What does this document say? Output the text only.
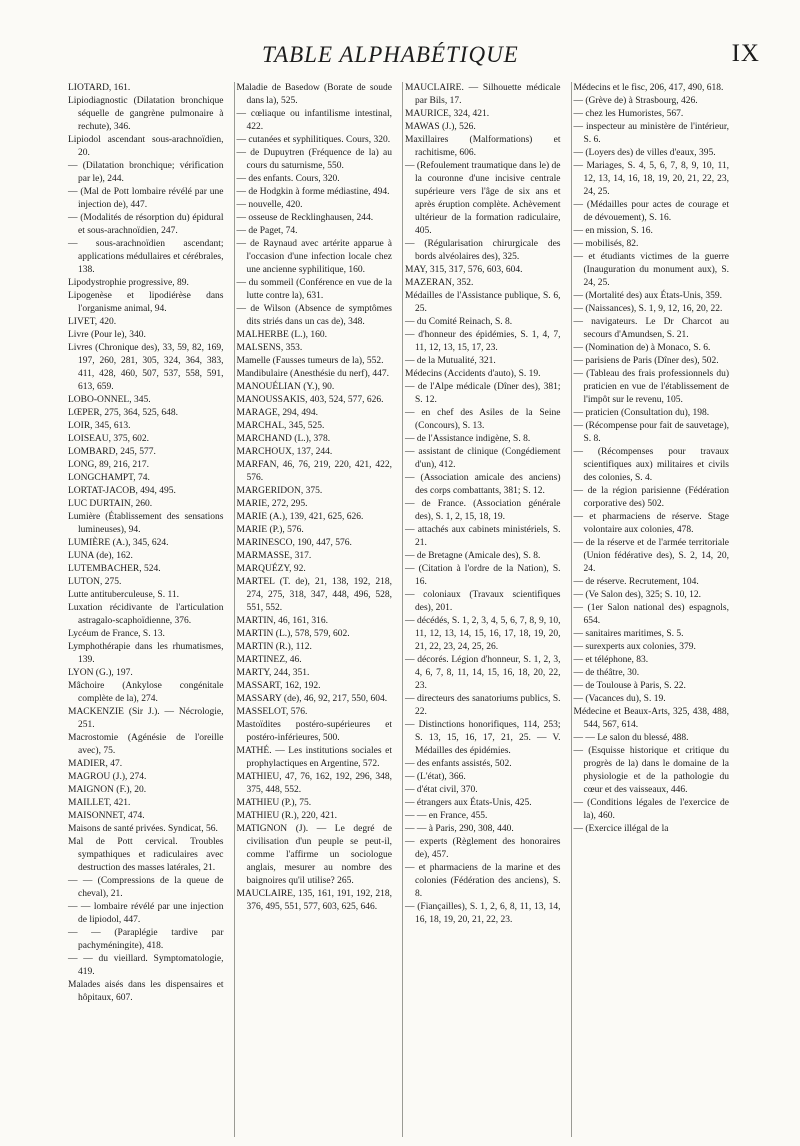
TABLE ALPHABÉTIQUE	IX
LIOTARD, 161.
Lipiodiagnostic (Dilatation bronchique séquelle de gangrène pulmonaire à rechute), 346.
Lipiodol ascendant sous-arachnoïdien, 20.
— (Dilatation bronchique; vérification par le), 244.
— (Mal de Pott lombaire révélé par une injection de), 447.
— (Modalités de résorption du) épidural et sous-arachnoïdien, 247.
— sous-arachnoïdien ascendant; applications médullaires et cérébrales, 138.
Lipodystrophie progressive, 89.
Lipogenèse et lipodiérèse dans l'organisme animal, 94.
LIVET, 420.
Livre (Pour le), 340.
Livres (Chronique des), 33, 59, 82, 169, 197, 260, 281, 305, 324, 364, 383, 411, 428, 460, 507, 537, 558, 591, 613, 659.
LOBO-ONNEL, 345.
LŒPER, 275, 364, 525, 648.
LOIR, 345, 613.
LOISEAU, 375, 602.
LOMBARD, 245, 577.
LONG, 89, 216, 217.
LONGCHAMPT, 74.
LORTAT-JACOB, 494, 495.
LUC DURTAIN, 260.
Lumière (Établissement des sensations lumineuses), 94.
LUMIÈRE (A.), 345, 624.
LUNA (de), 162.
LUTEMBACHER, 524.
LUTON, 275.
Lutte antituberculeuse, S. 11.
Luxation récidivante de l'articulation astragalo-scaphoïdienne, 376.
Lycéum de France, S. 13.
Lymphothérapie dans les rhumatismes, 139.
LYON (G.), 197.
Mâchoire (Ankylose congénitale complète de la), 274.
MACKENZIE (Sir J.). — Nécrologie, 251.
Macrostomie (Agénésie de l'oreille avec), 75.
MADIER, 47.
MAGROU (J.), 274.
MAIGNON (F.), 20.
MAILLET, 421.
MAISONNET, 474.
Maisons de santé privées. Syndicat, 56.
Mal de Pott cervical. Troubles sympathiques et radiculaires avec destruction des masses latérales, 21.
— — (Compressions de la queue de cheval), 21.
— — lombaire révélé par une injection de lipiodol, 447.
— — (Paraplégie tardive par pachyméningite), 418.
— — du vieillard. Symptomatologie, 419.
Malades aisés dans les dispensaires et hôpitaux, 607.
Maladie de Basedow (Borate de soude dans la), 525.
— cœliaque ou infantilisme intestinal, 422.
— cutanées et syphilitiques. Cours, 320.
— de Dupuytren (Fréquence de la) au cours du saturnisme, 550.
— des enfants. Cours, 320.
— de Hodgkin à forme médiastine, 494.
— nouvelle, 420.
— osseuse de Recklinghausen, 244.
— de Paget, 74.
— de Raynaud avec artérite apparue à l'occasion d'une infection locale chez une ancienne syphilitique, 160.
— du sommeil (Conférence en vue de la lutte contre la), 631.
— de Wilson (Absence de symptômes dits striés dans un cas de), 348.
MALHERBE (L.), 160.
MALSENS, 353.
Mamelle (Fausses tumeurs de la), 552.
Mandibulaire (Anesthésie du nerf), 447.
MANOUÉLIAN (Y.), 90.
MANOUSSAKIS, 403, 524, 577, 626.
MARAGE, 294, 494.
MARCHAL, 345, 525.
MARCHAND (L.), 378.
MARCHOUX, 137, 244.
MARFAN, 46, 76, 219, 220, 421, 422, 576.
MARGERIDON, 375.
MARIE, 272, 295.
MARIE (A.), 139, 421, 625, 626.
MARIE (P.), 576.
MARINESCO, 190, 447, 576.
MARMASSE, 317.
MARQUÉZY, 92.
MARTEL (T. de), 21, 138, 192, 218, 274, 275, 318, 347, 448, 496, 528, 551, 552.
MARTIN, 46, 161, 316.
MARTIN (L.), 578, 579, 602.
MARTIN (R.), 112.
MARTINEZ, 46.
MARTY, 244, 351.
MASSART, 162, 192.
MASSARY (de), 46, 92, 217, 550, 604.
MASSELOT, 576.
Mastoïdites postéro-supérieures et postéro-inférieures, 500.
MATHÉ. — Les institutions sociales et prophylactiques en Argentine, 572.
MATHIEU, 47, 76, 162, 192, 296, 348, 375, 448, 552.
MATHIEU (P.), 75.
MATHIEU (R.), 220, 421.
MATIGNON (J). — Le degré de civilisation d'un peuple se peut-il, comme l'affirme un sociologue anglais, mesurer au nombre des baignoires qu'il utilise? 265.
MAUCLAIRE, 135, 161, 191, 192, 218, 376, 495, 551, 577, 603, 625, 646.
MAUCLAIRE. — Silhouette médicale par Bils, 17.
MAURICE, 324, 421.
MAWAS (J.), 526.
Maxillaires (Malformations) et rachitisme, 606.
— (Refoulement traumatique dans le) de la couronne d'une incisive centrale supérieure vers l'âge de six ans et après éruption complète. Achèvement ultérieur de la formation radiculaire, 405.
— (Régularisation chirurgicale des bords alvéolaires des), 325.
MAY, 315, 317, 576, 603, 604.
MAZERAN, 352.
Médailles de l'Assistance publique, S. 6, 25.
— du Comité Reinach, S. 8.
— d'honneur des épidémies, S. 1, 4, 7, 11, 12, 13, 15, 17, 23.
— de la Mutualité, 321.
Médecins (Accidents d'auto), S. 19.
— de l'Alpe médicale (Dîner des), 381; S. 12.
— en chef des Asiles de la Seine (Concours), S. 13.
— de l'Assistance indigène, S. 8.
— assistant de clinique (Congédiement d'un), 412.
— (Association amicale des anciens) des corps combattants, 381; S. 12.
— de France. (Association générale des), S. 1, 2, 15, 18, 19.
— attachés aux cabinets ministériels, S. 21.
— de Bretagne (Amicale des), S. 8.
— (Citation à l'ordre de la Nation), S. 16.
— coloniaux (Travaux scientifiques des), 201.
— décédés, S. 1, 2, 3, 4, 5, 6, 7, 8, 9, 10, 11, 12, 13, 14, 15, 16, 17, 18, 19, 20, 21, 22, 23, 24, 25, 26.
— décorés. Légion d'honneur, S. 1, 2, 3, 4, 6, 7, 8, 11, 14, 15, 16, 18, 20, 22, 23.
— directeurs des sanatoriums publics, S. 22.
— Distinctions honorifiques, 114, 253; S. 13, 15, 16, 17, 21, 25. — V. Médailles des épidémies.
— des enfants assistés, 502.
— (L'état), 366.
— d'état civil, 370.
— étrangers aux États-Unis, 425.
— — en France, 455.
— — à Paris, 290, 308, 440.
— experts (Règlement des honoraires de), 457.
— et pharmaciens de la marine et des colonies (Fédération des anciens), S. 8.
— (Fiançailles), S. 1, 2, 6, 8, 11, 13, 14, 16, 18, 19, 20, 21, 22, 23.
Médecins et le fisc, 206, 417, 490, 618.
— (Grève de) à Strasbourg, 426.
— chez les Humoristes, 567.
— inspecteur au ministère de l'intérieur, S. 6.
— (Loyers des) de villes d'eaux, 395.
— Mariages, S. 4, 5, 6, 7, 8, 9, 10, 11, 12, 13, 14, 16, 18, 19, 20, 21, 22, 23, 24, 25.
— (Médailles pour actes de courage et de dévouement), S. 16.
— en mission, S. 16.
— mobilisés, 82.
— et étudiants victimes de la guerre (Inauguration du monument aux), S. 24, 25.
— (Mortalité des) aux États-Unis, 359.
— (Naissances), S. 1, 9, 12, 16, 20, 22.
— navigateurs. Le Dr Charcot au secours d'Amundsen, S. 21.
— (Nomination de) à Monaco, S. 6.
— parisiens de Paris (Dîner des), 502.
— (Tableau des frais professionnels du) praticien en vue de l'établissement de l'impôt sur le revenu, 105.
— praticien (Consultation du), 198.
— (Récompense pour fait de sauvetage), S. 8.
— (Récompenses pour travaux scientifiques aux) militaires et civils des colonies, S. 4.
— de la région parisienne (Fédération corporative des) 502.
— et pharmaciens de réserve. Stage volontaire aux colonies, 478.
— de la réserve et de l'armée territoriale (Union fédérative des), S. 2, 14, 20, 24.
— de réserve. Recrutement, 104.
— (Ve Salon des), 325; S. 10, 12.
— (1er Salon national des) espagnols, 654.
— sanitaires maritimes, S. 5.
— surexperts aux colonies, 379.
— et téléphone, 83.
— de théâtre, 30.
— de Toulouse à Paris, S. 22.
— (Vacances du), S. 19.
Médecine et Beaux-Arts, 325, 438, 488, 544, 567, 614.
— — Le salon du blessé, 488.
— (Esquisse historique et critique du progrès de la) dans le domaine de la physiologie et de la pathologie du cœur et des vaisseaux, 446.
— (Conditions légales de l'exercice de la), 460.
— (Exercice illégal de la
